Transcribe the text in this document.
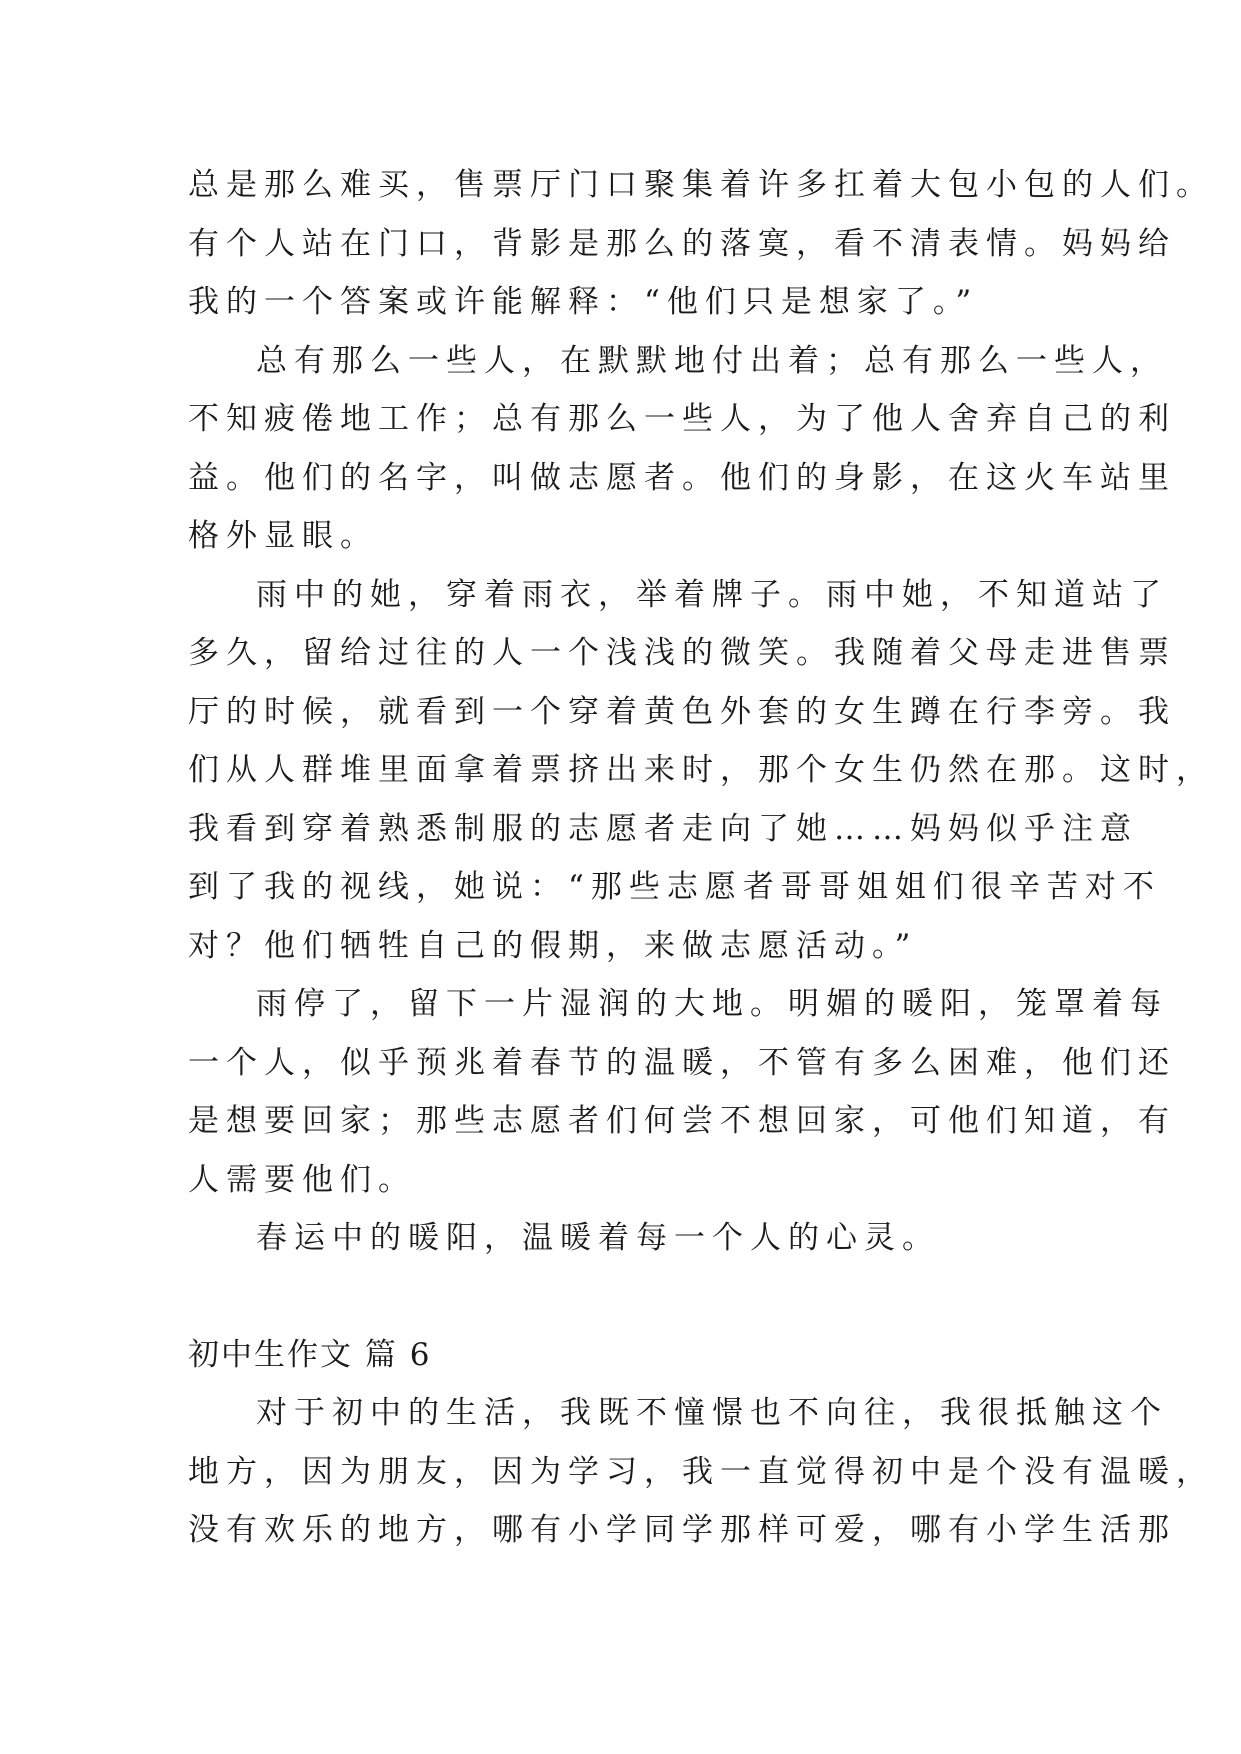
总是那么难买，售票厅门口聚集着许多扛着大包小包的人们。
有个人站在门口，背影是那么的落寞，看不清表情。妈妈给
我的一个答案或许能解释：“他们只是想家了。”
总有那么一些人，在默默地付出着；总有那么一些人，
不知疲倦地工作；总有那么一些人，为了他人舍弃自己的利
益。他们的名字，叫做志愿者。他们的身影，在这火车站里
格外显眼。
雨中的她，穿着雨衣，举着牌子。雨中她，不知道站了
多久，留给过往的人一个浅浅的微笑。我随着父母走进售票
厅的时候，就看到一个穿着黄色外套的女生蹲在行李旁。我
们从人群堆里面拿着票挤出来时，那个女生仍然在那。这时，
我看到穿着熟悉制服的志愿者走向了她……妈妈似乎注意
到了我的视线，她说：“那些志愿者哥哥姐姐们很辛苦对不
对？他们牺牲自己的假期，来做志愿活动。”
雨停了，留下一片湿润的大地。明媚的暖阳，笼罩着每
一个人，似乎预兆着春节的温暖，不管有多么困难，他们还
是想要回家；那些志愿者们何尝不想回家，可他们知道，有
人需要他们。
春运中的暖阳，温暖着每一个人的心灵。
初中生作文 篇 6
对于初中的生活，我既不憧憬也不向往，我很抵触这个
地方，因为朋友，因为学习，我一直觉得初中是个没有温暖，
没有欢乐的地方，哪有小学同学那样可爱，哪有小学生活那
